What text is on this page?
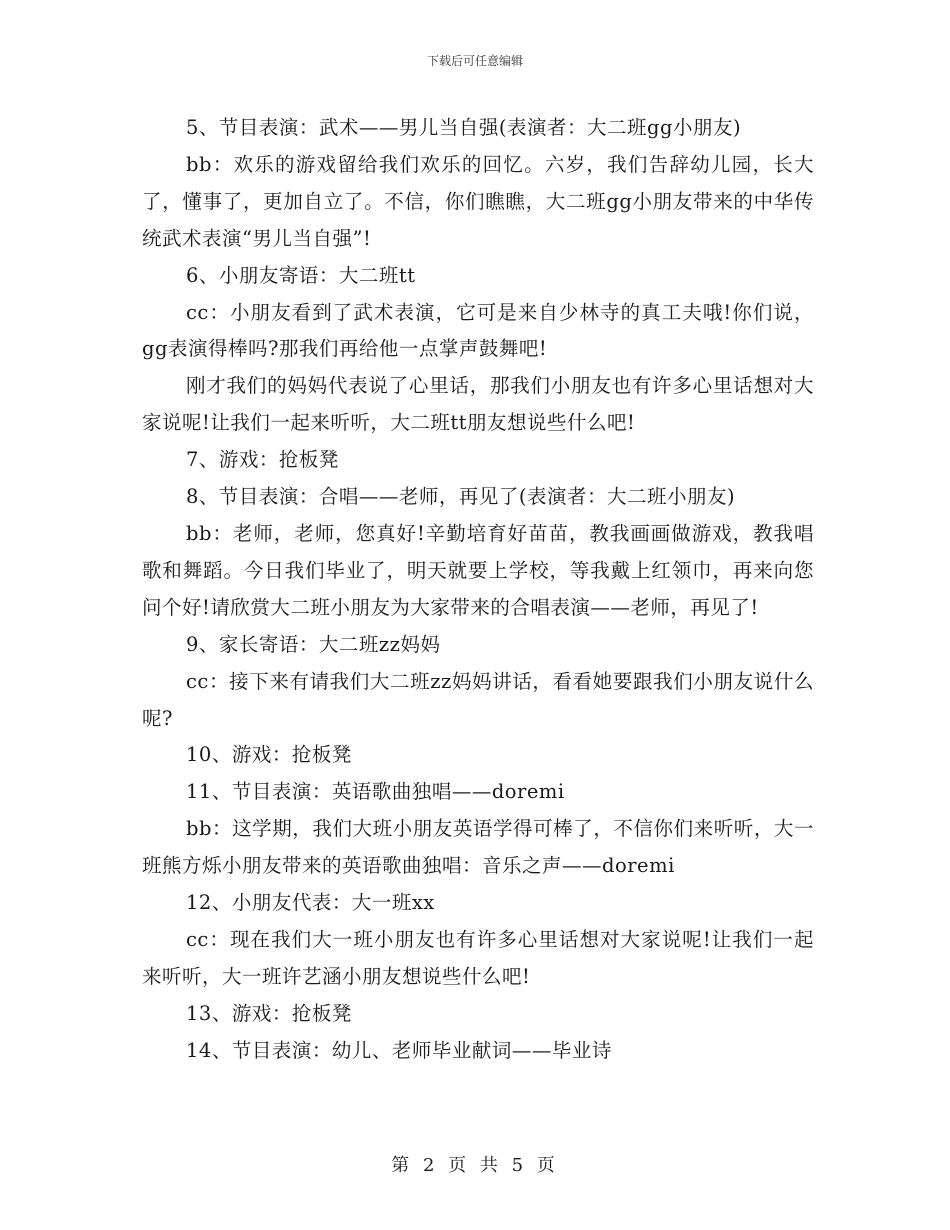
下载后可任意编辑

5、节目表演：武术——男儿当自强(表演者：大二班gg小朋友)

bb：欢乐的游戏留给我们欢乐的回忆。六岁，我们告辞幼儿园，长大了，懂事了，更加自立了。不信，你们瞧瞧，大二班gg小朋友带来的中华传统武术表演“男儿当自强”!

6、小朋友寄语：大二班tt

cc：小朋友看到了武术表演，它可是来自少林寺的真工夫哦!你们说，gg表演得棒吗?那我们再给他一点掌声鼓舞吧!

刚才我们的妈妈代表说了心里话，那我们小朋友也有许多心里话想对大家说呢!让我们一起来听听，大二班tt朋友想说些什么吧!

7、游戏：抢板凳

8、节目表演：合唱——老师，再见了(表演者：大二班小朋友)

bb：老师，老师，您真好!辛勤培育好苗苗，教我画画做游戏，教我唱歌和舞蹈。今日我们毕业了，明天就要上学校，等我戴上红领巾，再来向您问个好!请欣赏大二班小朋友为大家带来的合唱表演——老师，再见了!

9、家长寄语：大二班zz妈妈

cc：接下来有请我们大二班zz妈妈讲话，看看她要跟我们小朋友说什么呢?

10、游戏：抢板凳

11、节目表演：英语歌曲独唱——doremi

bb：这学期，我们大班小朋友英语学得可棒了，不信你们来听听，大一班熊方烁小朋友带来的英语歌曲独唱：音乐之声——doremi

12、小朋友代表：大一班xx

cc：现在我们大一班小朋友也有许多心里话想对大家说呢!让我们一起来听听，大一班许艺涵小朋友想说些什么吧!

13、游戏：抢板凳

14、节目表演：幼儿、老师毕业献词——毕业诗

第 2 页 共 5 页
